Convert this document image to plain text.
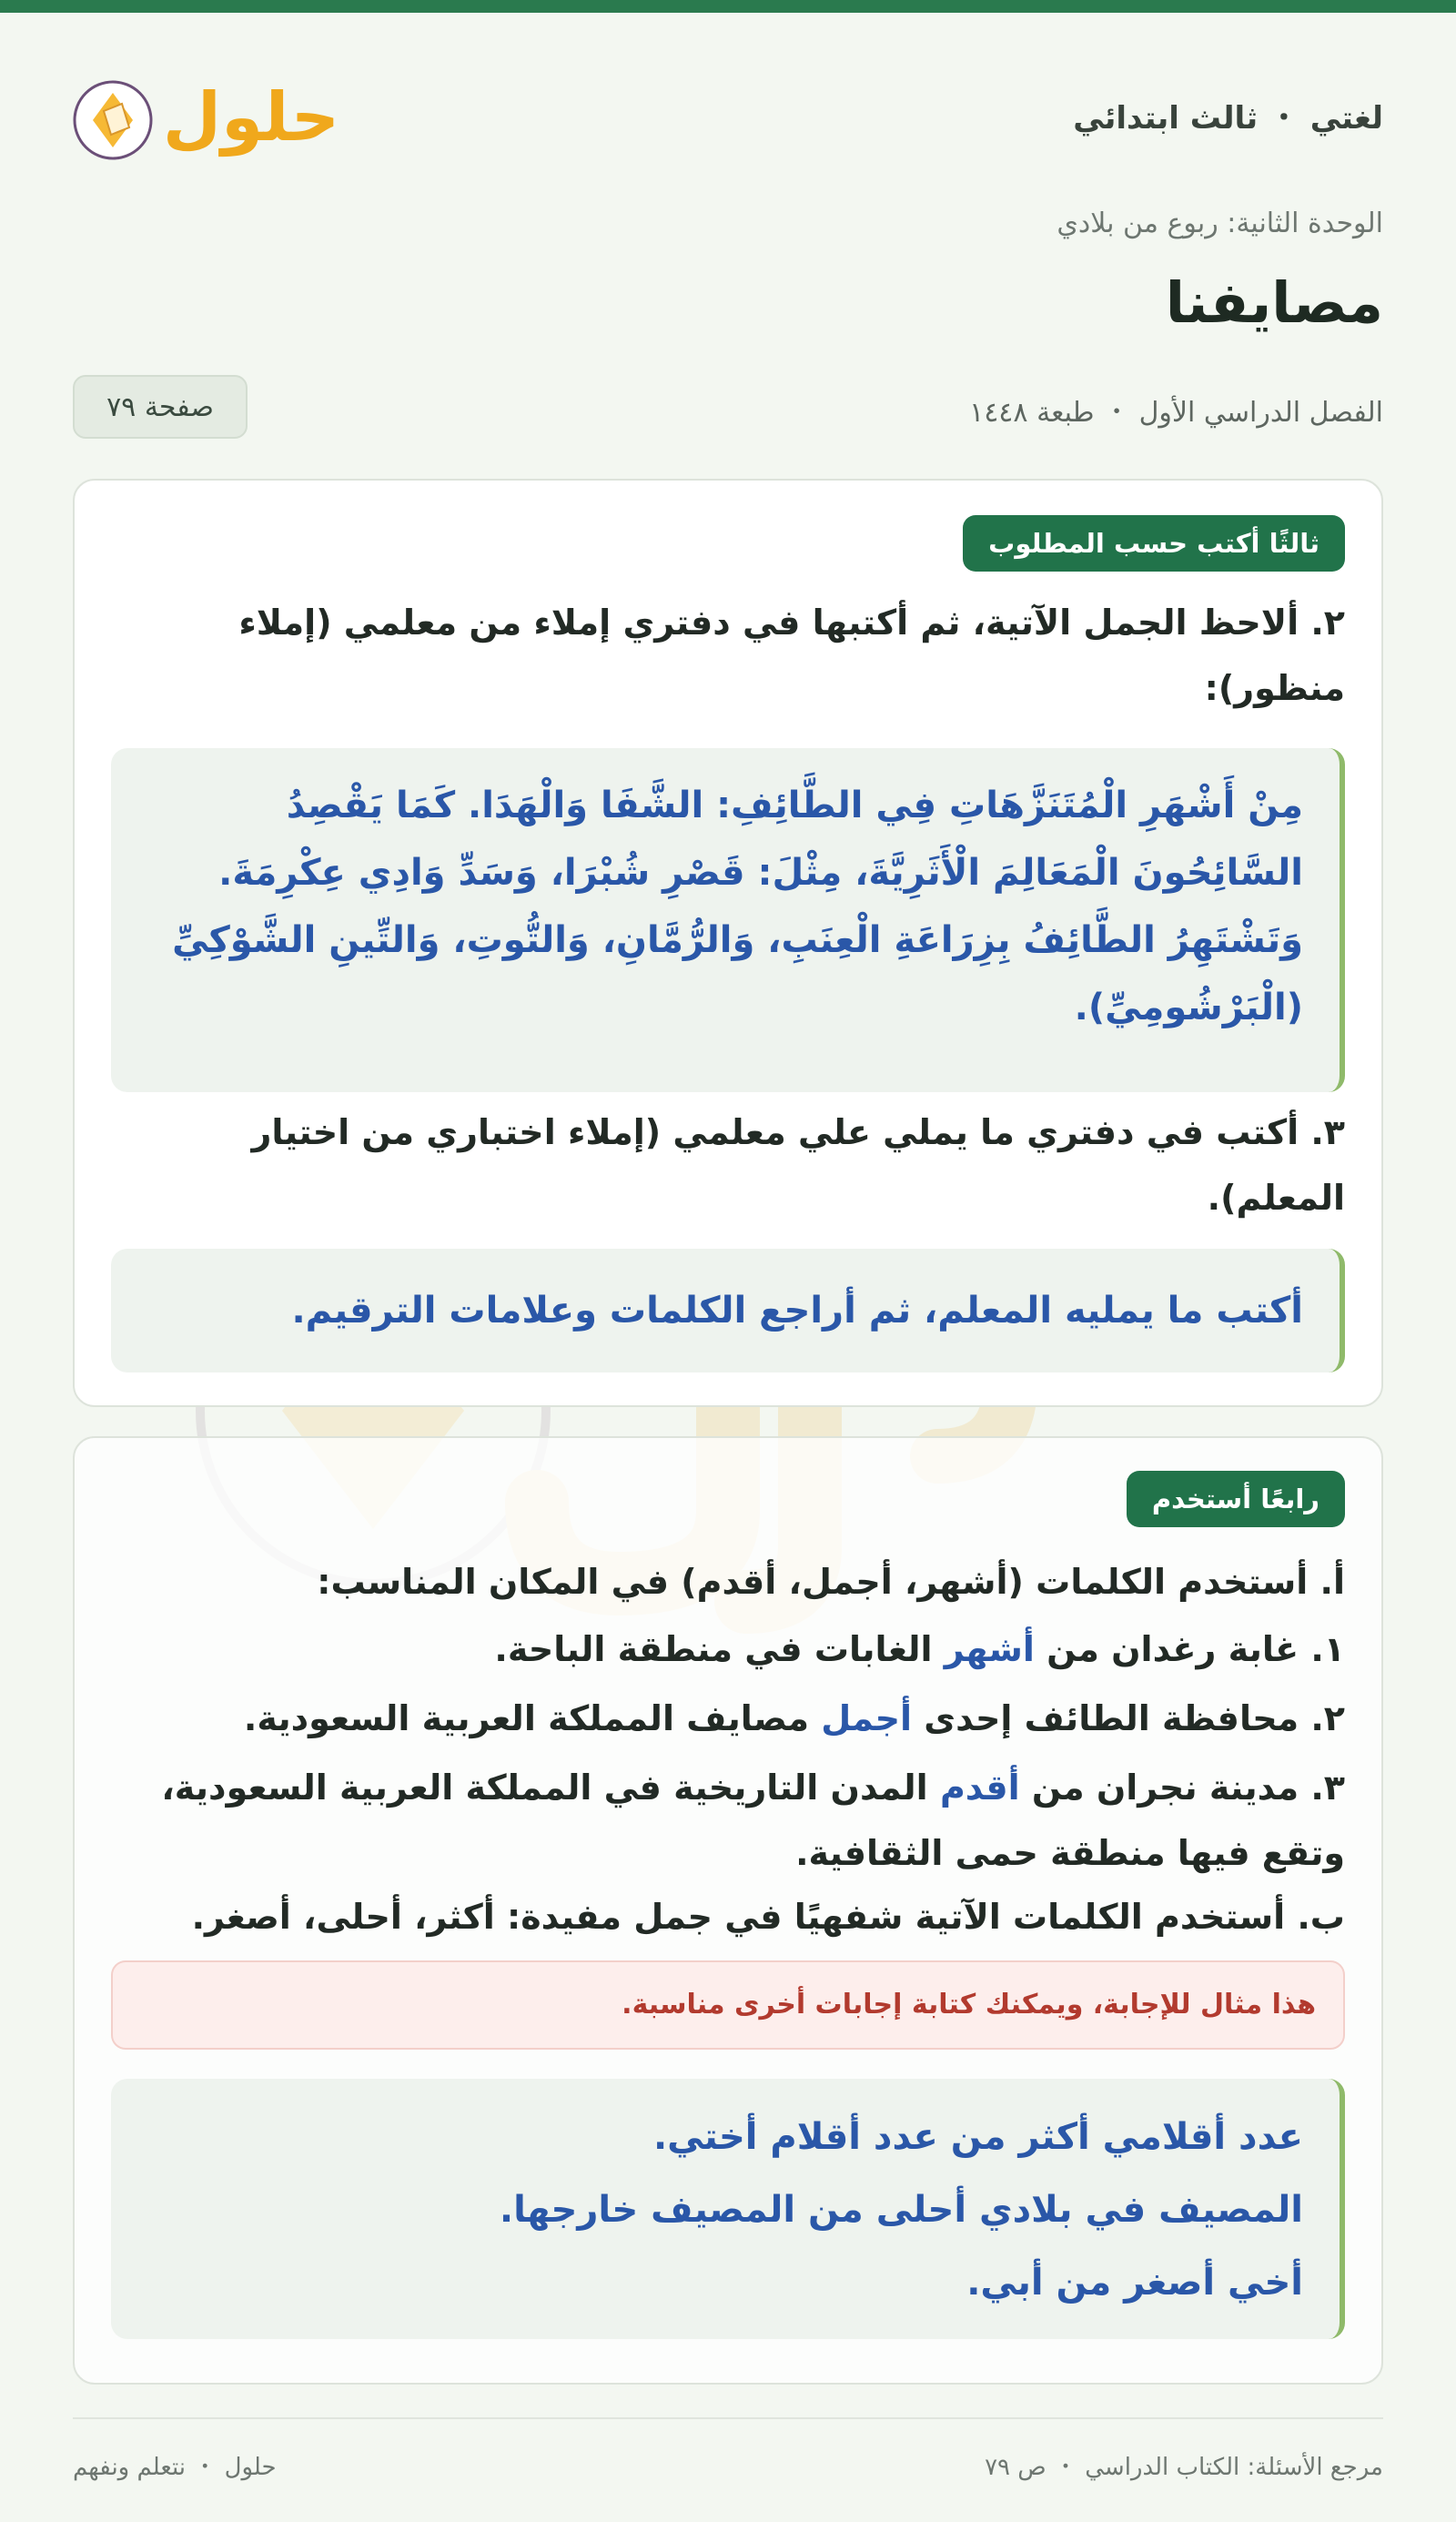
حلول	لغتي ・ ثالث ابتدائي
الوحدة الثانية: ربوع من بلادي
مصايفنا
الفصل الدراسي الأول ・ طبعة ١٤٤٨
صفحة ٧٩
ثالثًا أكتب حسب المطلوب
٢. ألاحظ الجمل الآتية، ثم أكتبها في دفتري إملاء من معلمي (إملاء
منظور):
مِنْ أَشْهَرِ الْمُتَنَزَّهَاتِ فِي الطَّائِفِ: الشَّفَا وَالْهَدَا. كَمَا يَقْصِدُ
السَّائِحُونَ الْمَعَالِمَ الْأَثَرِيَّةَ، مِثْلَ: قَصْرِ شُبْرَا، وَسَدِّ وَادِي عِكْرِمَةَ.
وَتَشْتَهِرُ الطَّائِفُ بِزِرَاعَةِ الْعِنَبِ، وَالرُّمَّانِ، وَالتُّوتِ، وَالتِّينِ الشَّوْكِيِّ
(الْبَرْشُومِيِّ).
٣. أكتب في دفتري ما يملي علي معلمي (إملاء اختباري من اختيار
المعلم).
أكتب ما يمليه المعلم، ثم أراجع الكلمات وعلامات الترقيم.
رابعًا أستخدم
أ. أستخدم الكلمات (أشهر، أجمل، أقدم) في المكان المناسب:
١. غابة رغدان من أشهر الغابات في منطقة الباحة.
٢. محافظة الطائف إحدى أجمل مصايف المملكة العربية السعودية.
٣. مدينة نجران من أقدم المدن التاريخية في المملكة العربية السعودية،
وتقع فيها منطقة حمى الثقافية.
ب. أستخدم الكلمات الآتية شفهيًا في جمل مفيدة: أكثر، أحلى، أصغر.
هذا مثال للإجابة، ويمكنك كتابة إجابات أخرى مناسبة.
عدد أقلامي أكثر من عدد أقلام أختي.
المصيف في بلادي أحلى من المصيف خارجها.
أخي أصغر من أبي.
مرجع الأسئلة: الكتاب الدراسي ・ ص ٧٩
حلول ・ نتعلم ونفهم
